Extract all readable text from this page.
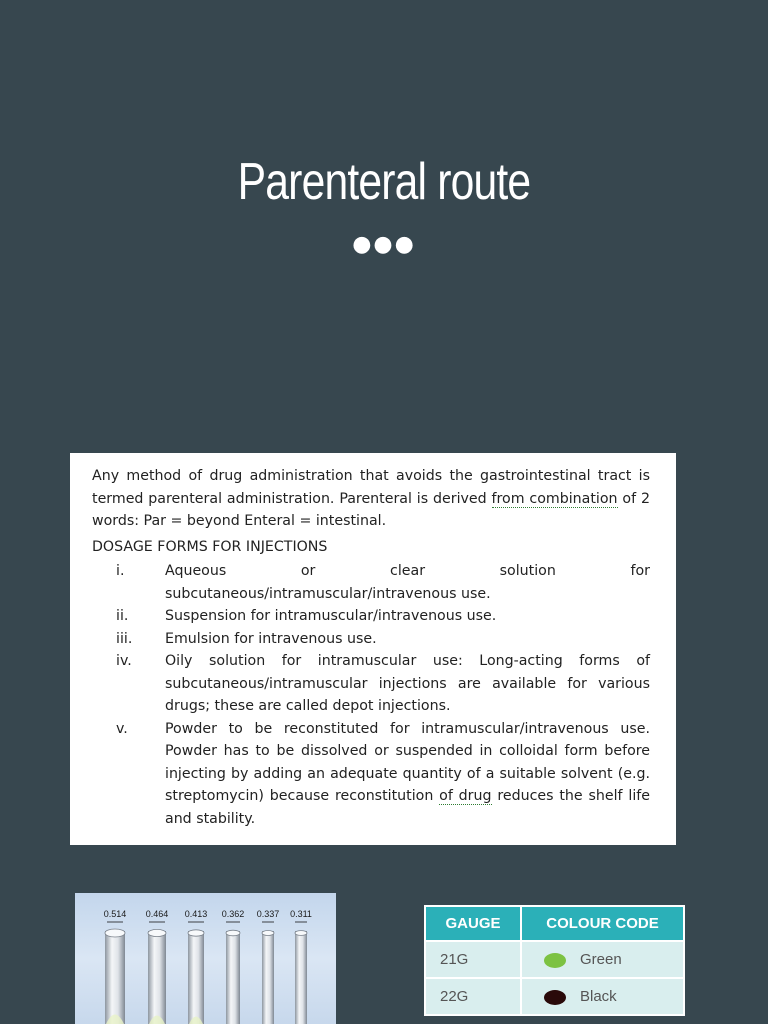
Parenteral route
●●●

Any method of drug administration that avoids the gastrointestinal tract is termed parenteral administration. Parenteral is derived from combination of 2 words: Par = beyond Enteral = intestinal.

DOSAGE FORMS FOR INJECTIONS

i.	Aqueous or clear solution for subcutaneous/intramuscular/intravenous use.
ii.	Suspension for intramuscular/intravenous use.
iii.	Emulsion for intravenous use.
iv.	Oily solution for intramuscular use: Long-acting forms of subcutaneous/intramuscular injections are available for various drugs; these are called depot injections.
v.	Powder to be reconstituted for intramuscular/intravenous use. Powder has to be dissolved or suspended in colloidal form before injecting by adding an adequate quantity of a suitable solvent (e.g. streptomycin) because reconstitution of drug reduces the shelf life and stability.
0.514 0.464 0.413 0.362 0.337 0.311
GAUGE	COLOUR CODE
21G	Green
22G	Black
